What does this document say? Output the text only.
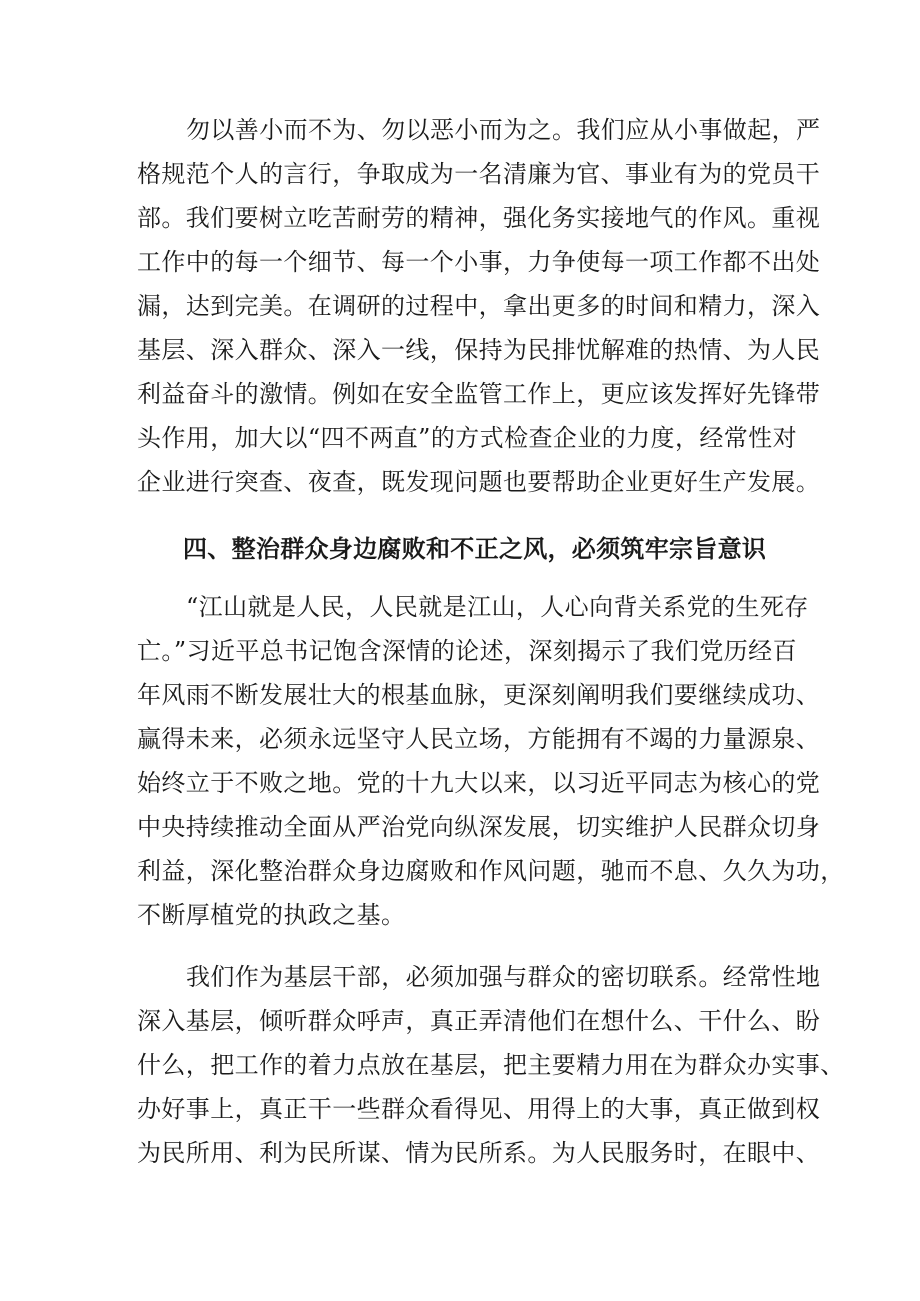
勿以善小而不为、勿以恶小而为之。我们应从小事做起，严
格规范个人的言行，争取成为一名清廉为官、事业有为的党员干
部。我们要树立吃苦耐劳的精神，强化务实接地气的作风。重视
工作中的每一个细节、每一个小事，力争使每一项工作都不出处
漏，达到完美。在调研的过程中，拿出更多的时间和精力，深入
基层、深入群众、深入一线，保持为民排忧解难的热情、为人民
利益奋斗的激情。例如在安全监管工作上，更应该发挥好先锋带
头作用，加大以“四不两直”的方式检查企业的力度，经常性对
企业进行突查、夜查，既发现问题也要帮助企业更好生产发展。
四、整治群众身边腐败和不正之风，必须筑牢宗旨意识
“江山就是人民，人民就是江山，人心向背关系党的生死存
亡。”习近平总书记饱含深情的论述，深刻揭示了我们党历经百
年风雨不断发展壮大的根基血脉，更深刻阐明我们要继续成功、
赢得未来，必须永远坚守人民立场，方能拥有不竭的力量源泉、
始终立于不败之地。党的十九大以来，以习近平同志为核心的党
中央持续推动全面从严治党向纵深发展，切实维护人民群众切身
利益，深化整治群众身边腐败和作风问题，驰而不息、久久为功，
不断厚植党的执政之基。
我们作为基层干部，必须加强与群众的密切联系。经常性地
深入基层，倾听群众呼声，真正弄清他们在想什么、干什么、盼
什么，把工作的着力点放在基层，把主要精力用在为群众办实事、
办好事上，真正干一些群众看得见、用得上的大事，真正做到权
为民所用、利为民所谋、情为民所系。为人民服务时，在眼中、
